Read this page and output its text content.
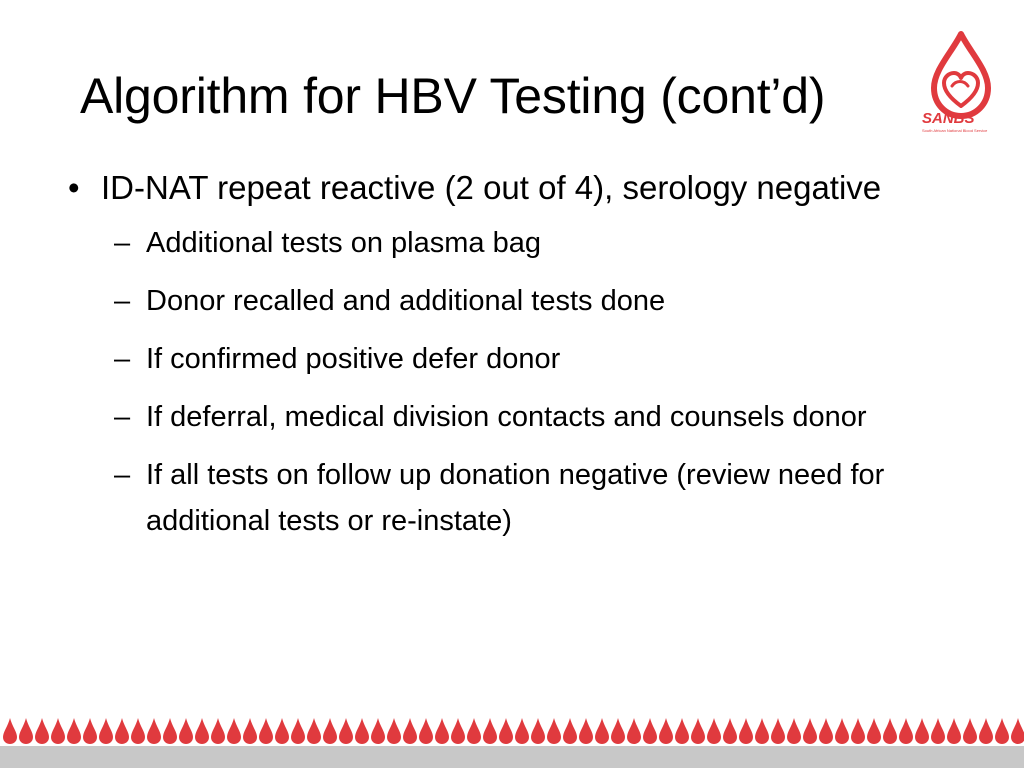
Algorithm for HBV Testing (cont’d)	SANBS
South African National Blood Service
• ID-NAT repeat reactive (2 out of 4), serology negative
– Additional tests on plasma bag
– Donor recalled and additional tests done
– If confirmed positive defer donor
– If deferral, medical division contacts and counsels donor
– If all tests on follow up donation negative (review need for additional tests or re-instate)
